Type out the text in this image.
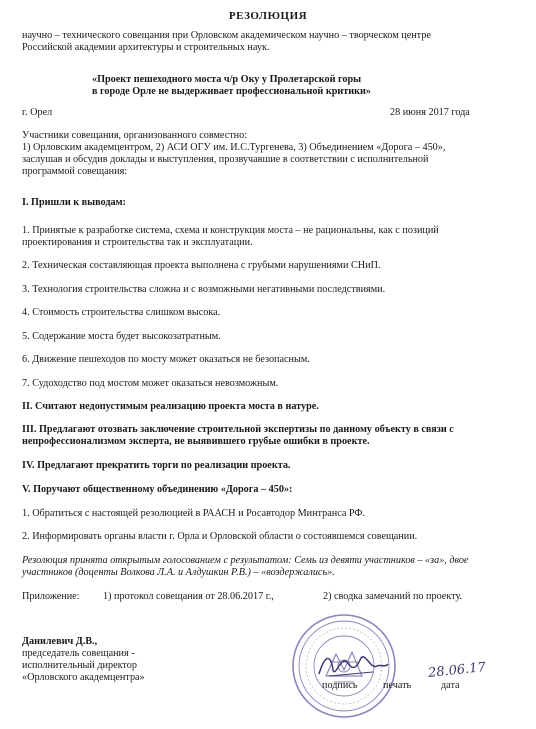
РЕЗОЛЮЦИЯ
научно – технического совещания при Орловском академическом научно – творческом центре
Российской академии архитектуры и строительных наук.
«Проект пешеходного моста ч/р Оку у Пролетарской горы
в городе Орле не выдерживает профессиональной критики»
г. Орел	28 июня 2017 года
Участники совещания, организованного совместно:
1) Орловским академцентром, 2) АСИ ОГУ им. И.С.Тургенева, 3) Объединением «Дорога – 450»,
заслушав и обсудив доклады и выступления, прозвучавшие в соответствии с исполнительной
программой совещания:
I. Пришли к выводам:
1. Принятые к разработке система, схема и конструкция моста – не рациональны, как с позиций
проектирования и строительства так и эксплуатации.
2. Техническая составляющая проекта выполнена с грубыми нарушениями СНиП.
3. Технология строительства сложна и с возможными негативными последствиями.
4. Стоимость строительства слишком высока.
5. Содержание моста будет высокозатратным.
6. Движение пешеходов по мосту может оказаться не безопасным.
7. Судоходство под мостом может оказаться невозможным.
II. Считают недопустимым реализацию проекта моста в натуре.
III. Предлагают отозвать заключение строительной экспертизы по данному объекту в связи с
непрофессионализмом эксперта, не выявившего грубые ошибки в проекте.
IV. Предлагают прекратить торги по реализации проекта.
V. Поручают общественному объединению «Дорога – 450»:
1. Обратиться с настоящей резолюцией в РААСН и Росавтодор Минтранса РФ.
2. Информировать органы власти г. Орла и Орловской области о состоявшемся совещании.
Резолюция принята открытым голосованием с результатом: Семь из девяти участников – «за», двое
участников (доценты Волкова Л.А. и Алдушкин Р.В.) – «воздержались».
Приложение: 1) протокол совещания от 28.06.2017 г.,	2) сводка замечаний по проекту.
Данилевич Д.В.,
председатель совещания -
исполнительный директор
«Орловского академцентра»	28.06.17
подпись печать	дата
